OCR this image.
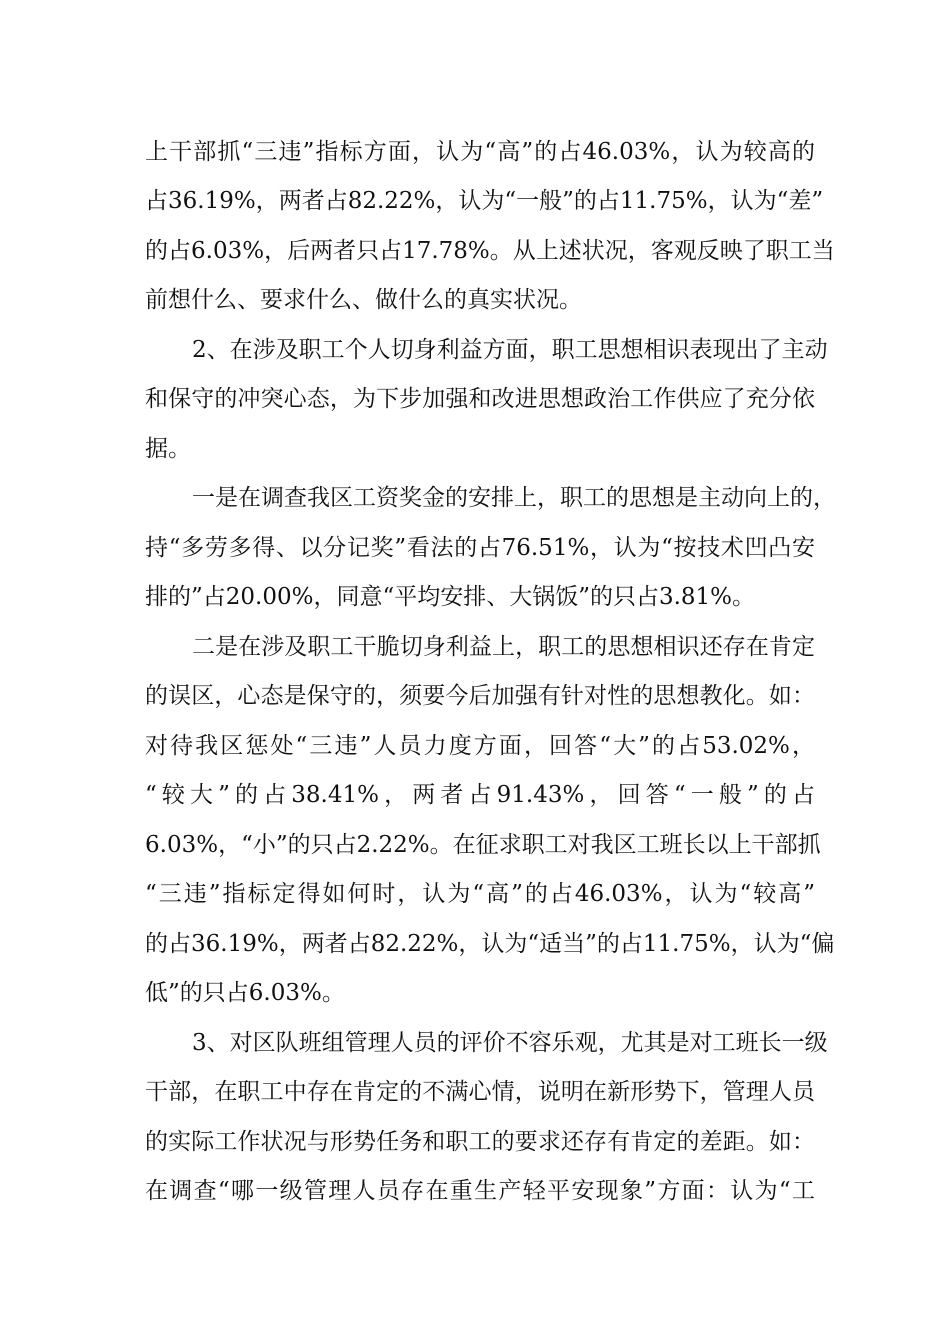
上干部抓“三违”指标方面，认为“高”的占46.03%，认为较高的
占36.19%，两者占82.22%，认为“一般”的占11.75%，认为“差”
的占6.03%，后两者只占17.78%。从上述状况，客观反映了职工当
前想什么、要求什么、做什么的真实状况。
2、在涉及职工个人切身利益方面，职工思想相识表现出了主动
和保守的冲突心态，为下步加强和改进思想政治工作供应了充分依
据。
一是在调查我区工资奖金的安排上，职工的思想是主动向上的，
持“多劳多得、以分记奖”看法的占76.51%，认为“按技术凹凸安
排的”占20.00%，同意“平均安排、大锅饭”的只占3.81%。
二是在涉及职工干脆切身利益上，职工的思想相识还存在肯定
的误区，心态是保守的，须要今后加强有针对性的思想教化。如：
对待我区惩处“三违”人员力度方面，回答“大”的占53.02%，
“较大”的占38.41%，两者占91.43%，回答“一般”的占
6.03%，“小”的只占2.22%。在征求职工对我区工班长以上干部抓
“三违”指标定得如何时，认为“高”的占46.03%，认为“较高”
的占36.19%，两者占82.22%，认为“适当”的占11.75%，认为“偏
低”的只占6.03%。
3、对区队班组管理人员的评价不容乐观，尤其是对工班长一级
干部，在职工中存在肯定的不满心情，说明在新形势下，管理人员
的实际工作状况与形势任务和职工的要求还存有肯定的差距。如：
在调查“哪一级管理人员存在重生产轻平安现象”方面：认为“工
